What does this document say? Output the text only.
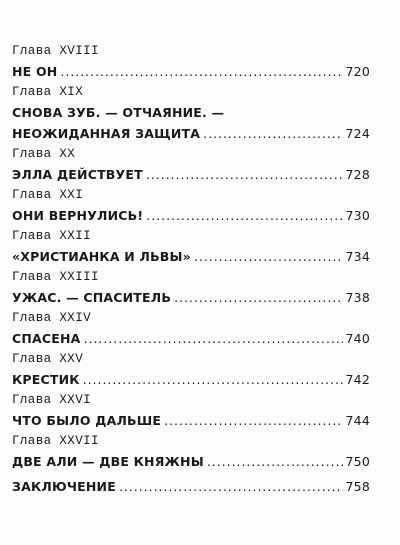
Глава XVIII
НЕ ОН . . .	720
Глава XIX
СНОВА ЗУБ. — ОТЧАЯНИЕ. —
НЕОЖИДАННАЯ ЗАЩИТА . . .	724
Глава XX
ЭЛЛА ДЕЙСТВУЕТ . . .	728
Глава XXI
ОНИ ВЕРНУЛИСЬ! . . .	730
Глава XXII
«ХРИСТИАНКА И ЛЬВЫ» . . .	734
Глава XXIII
УЖАС. — СПАСИТЕЛЬ . . .	738
Глава XXIV
СПАСЕНА . . .	740
Глава XXV
КРЕСТИК . . .	742
Глава XXVI
ЧТО БЫЛО ДАЛЬШЕ . . .	744
Глава XXVII
ДВЕ АЛИ — ДВЕ КНЯЖНЫ . . .	750
ЗАКЛЮЧЕНИЕ . . .	758
